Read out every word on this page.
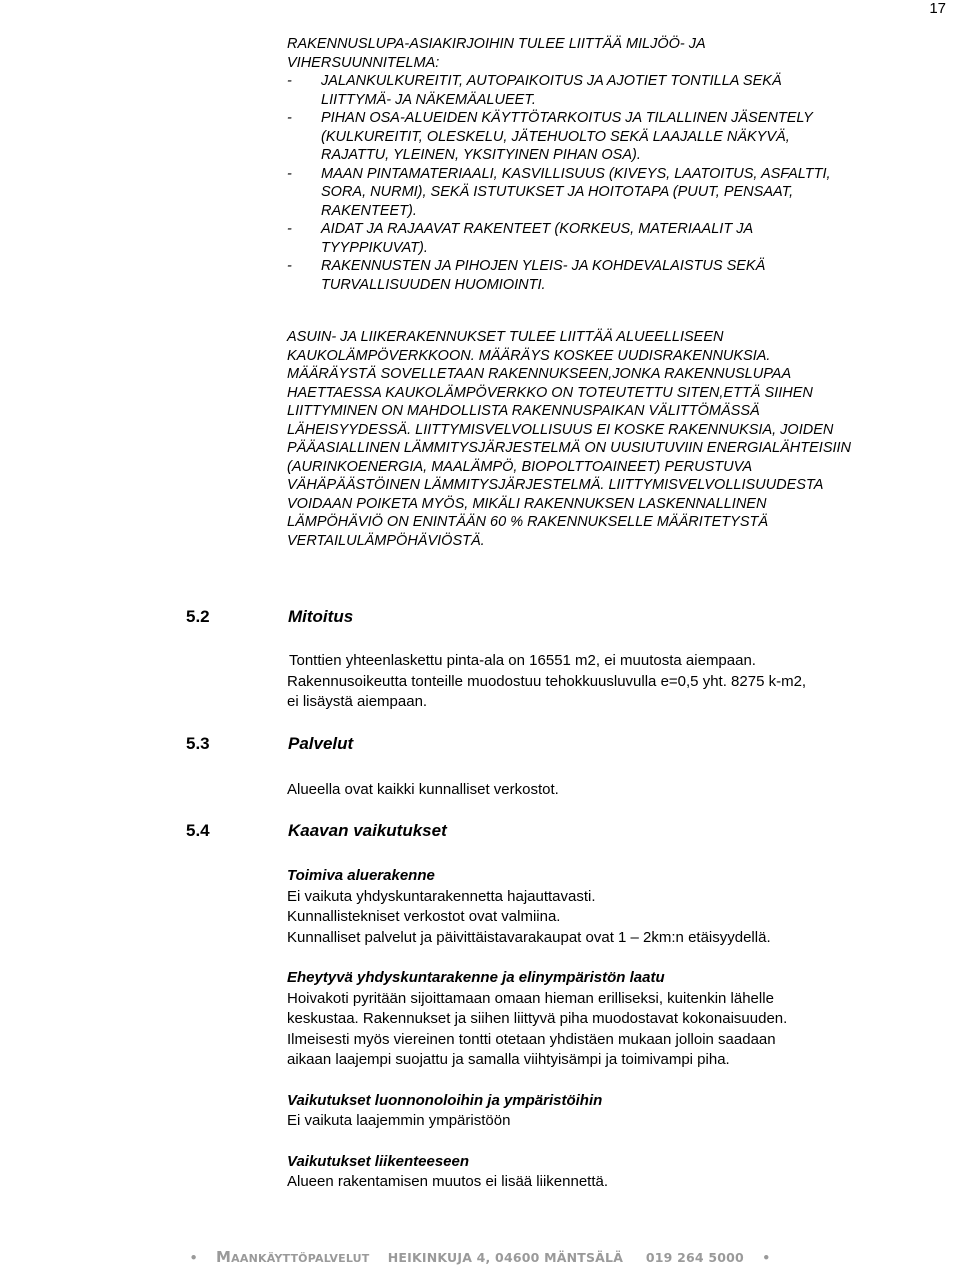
17
RAKENNUSLUPA-ASIAKIRJOIHIN TULEE LIITTÄÄ MILJÖÖ- JA
VIHERSUUNNITELMA:
- JALANKULKUREITIT, AUTOPAIKOITUS JA AJOTIET TONTILLA SEKÄ
LIITTYMÄ- JA NÄKEMÄALUEET.
- PIHAN OSA-ALUEIDEN KÄYTTÖTARKOITUS JA TILALLINEN JÄSENTELY
(KULKUREITIT, OLESKELU, JÄTEHUOLTO SEKÄ LAAJALLE NÄKYVÄ,
RAJATTU, YLEINEN, YKSITYINEN PIHAN OSA).
- MAAN PINTAMATERIAALI, KASVILLISUUS (KIVEYS, LAATOITUS, ASFALTTI,
SORA, NURMI), SEKÄ ISTUTUKSET JA HOITOTAPA (PUUT, PENSAAT,
RAKENTEET).
- AIDAT JA RAJAAVAT RAKENTEET (KORKEUS, MATERIAALIT JA
TYYPPIKUVAT).
- RAKENNUSTEN JA PIHOJEN YLEIS- JA KOHDEVALAISTUS SEKÄ
TURVALLISUUDEN HUOMIOINTI.
ASUIN- JA LIIKERAKENNUKSET TULEE LIITTÄÄ ALUEELLISEEN
KAUKOLÄMPÖVERKKOON. MÄÄRÄYS KOSKEE UUDISRAKENNUKSIA.
MÄÄRÄYSTÄ SOVELLETAAN RAKENNUKSEEN,JONKA RAKENNUSLUPAA
HAETTAESSA KAUKOLÄMPÖVERKKO ON TOTEUTETTU SITEN,ETTÄ SIIHEN
LIITTYMINEN ON MAHDOLLISTA RAKENNUSPAIKAN VÄLITTÖMÄSSÄ
LÄHEISYYDESSÄ. LIITTYMISVELVOLLISUUS EI KOSKE RAKENNUKSIA, JOIDEN
PÄÄASIALLINEN LÄMMITYSJÄRJESTELMÄ ON UUSIUTUVIIN ENERGIALÄHTEISIIN
(AURINKOENERGIA, MAALÄMPÖ, BIOPOLTTOAINEET) PERUSTUVA
VÄHÄPÄÄSTÖINEN LÄMMITYSJÄRJESTELMÄ. LIITTYMISVELVOLLISUUDESTA
VOIDAAN POIKETA MYÖS, MIKÄLI RAKENNUKSEN LASKENNALLINEN
LÄMPÖHÄVIÖ ON ENINTÄÄN 60 % RAKENNUKSELLE MÄÄRITETYSTÄ
VERTAILULÄMPÖHÄVIÖSTÄ.
5.2	Mitoitus
Tonttien yhteenlaskettu pinta-ala on 16551 m2, ei muutosta aiempaan.
Rakennusoikeutta tonteille muodostuu tehokkuusluvulla e=0,5 yht. 8275 k-m2,
ei lisäystä aiempaan.
5.3	Palvelut
Alueella ovat kaikki kunnalliset verkostot.
5.4	Kaavan vaikutukset
Toimiva aluerakenne
Ei vaikuta yhdyskuntarakennetta hajauttavasti.
Kunnallistekniset verkostot ovat valmiina.
Kunnalliset palvelut ja päivittäistavarakaupat ovat 1 – 2km:n etäisyydellä.
Eheytyvä yhdyskuntarakenne ja elinympäristön laatu
Hoivakoti pyritään sijoittamaan omaan hieman erilliseksi, kuitenkin lähelle
keskustaa. Rakennukset ja siihen liittyvä piha muodostavat kokonaisuuden.
Ilmeisesti myös viereinen tontti otetaan yhdistäen mukaan jolloin saadaan
aikaan laajempi suojattu ja samalla viihtyisämpi ja toimivampi piha.
Vaikutukset luonnonoloihin ja ympäristöihin
Ei vaikuta laajemmin ympäristöön
Vaikutukset liikenteeseen
Alueen rakentamisen muutos ei lisää liikennettä.
• Maankäyttöpalvelut HEIKINKUJA 4, 04600 MÄNTSÄLÄ 019 264 5000 •
